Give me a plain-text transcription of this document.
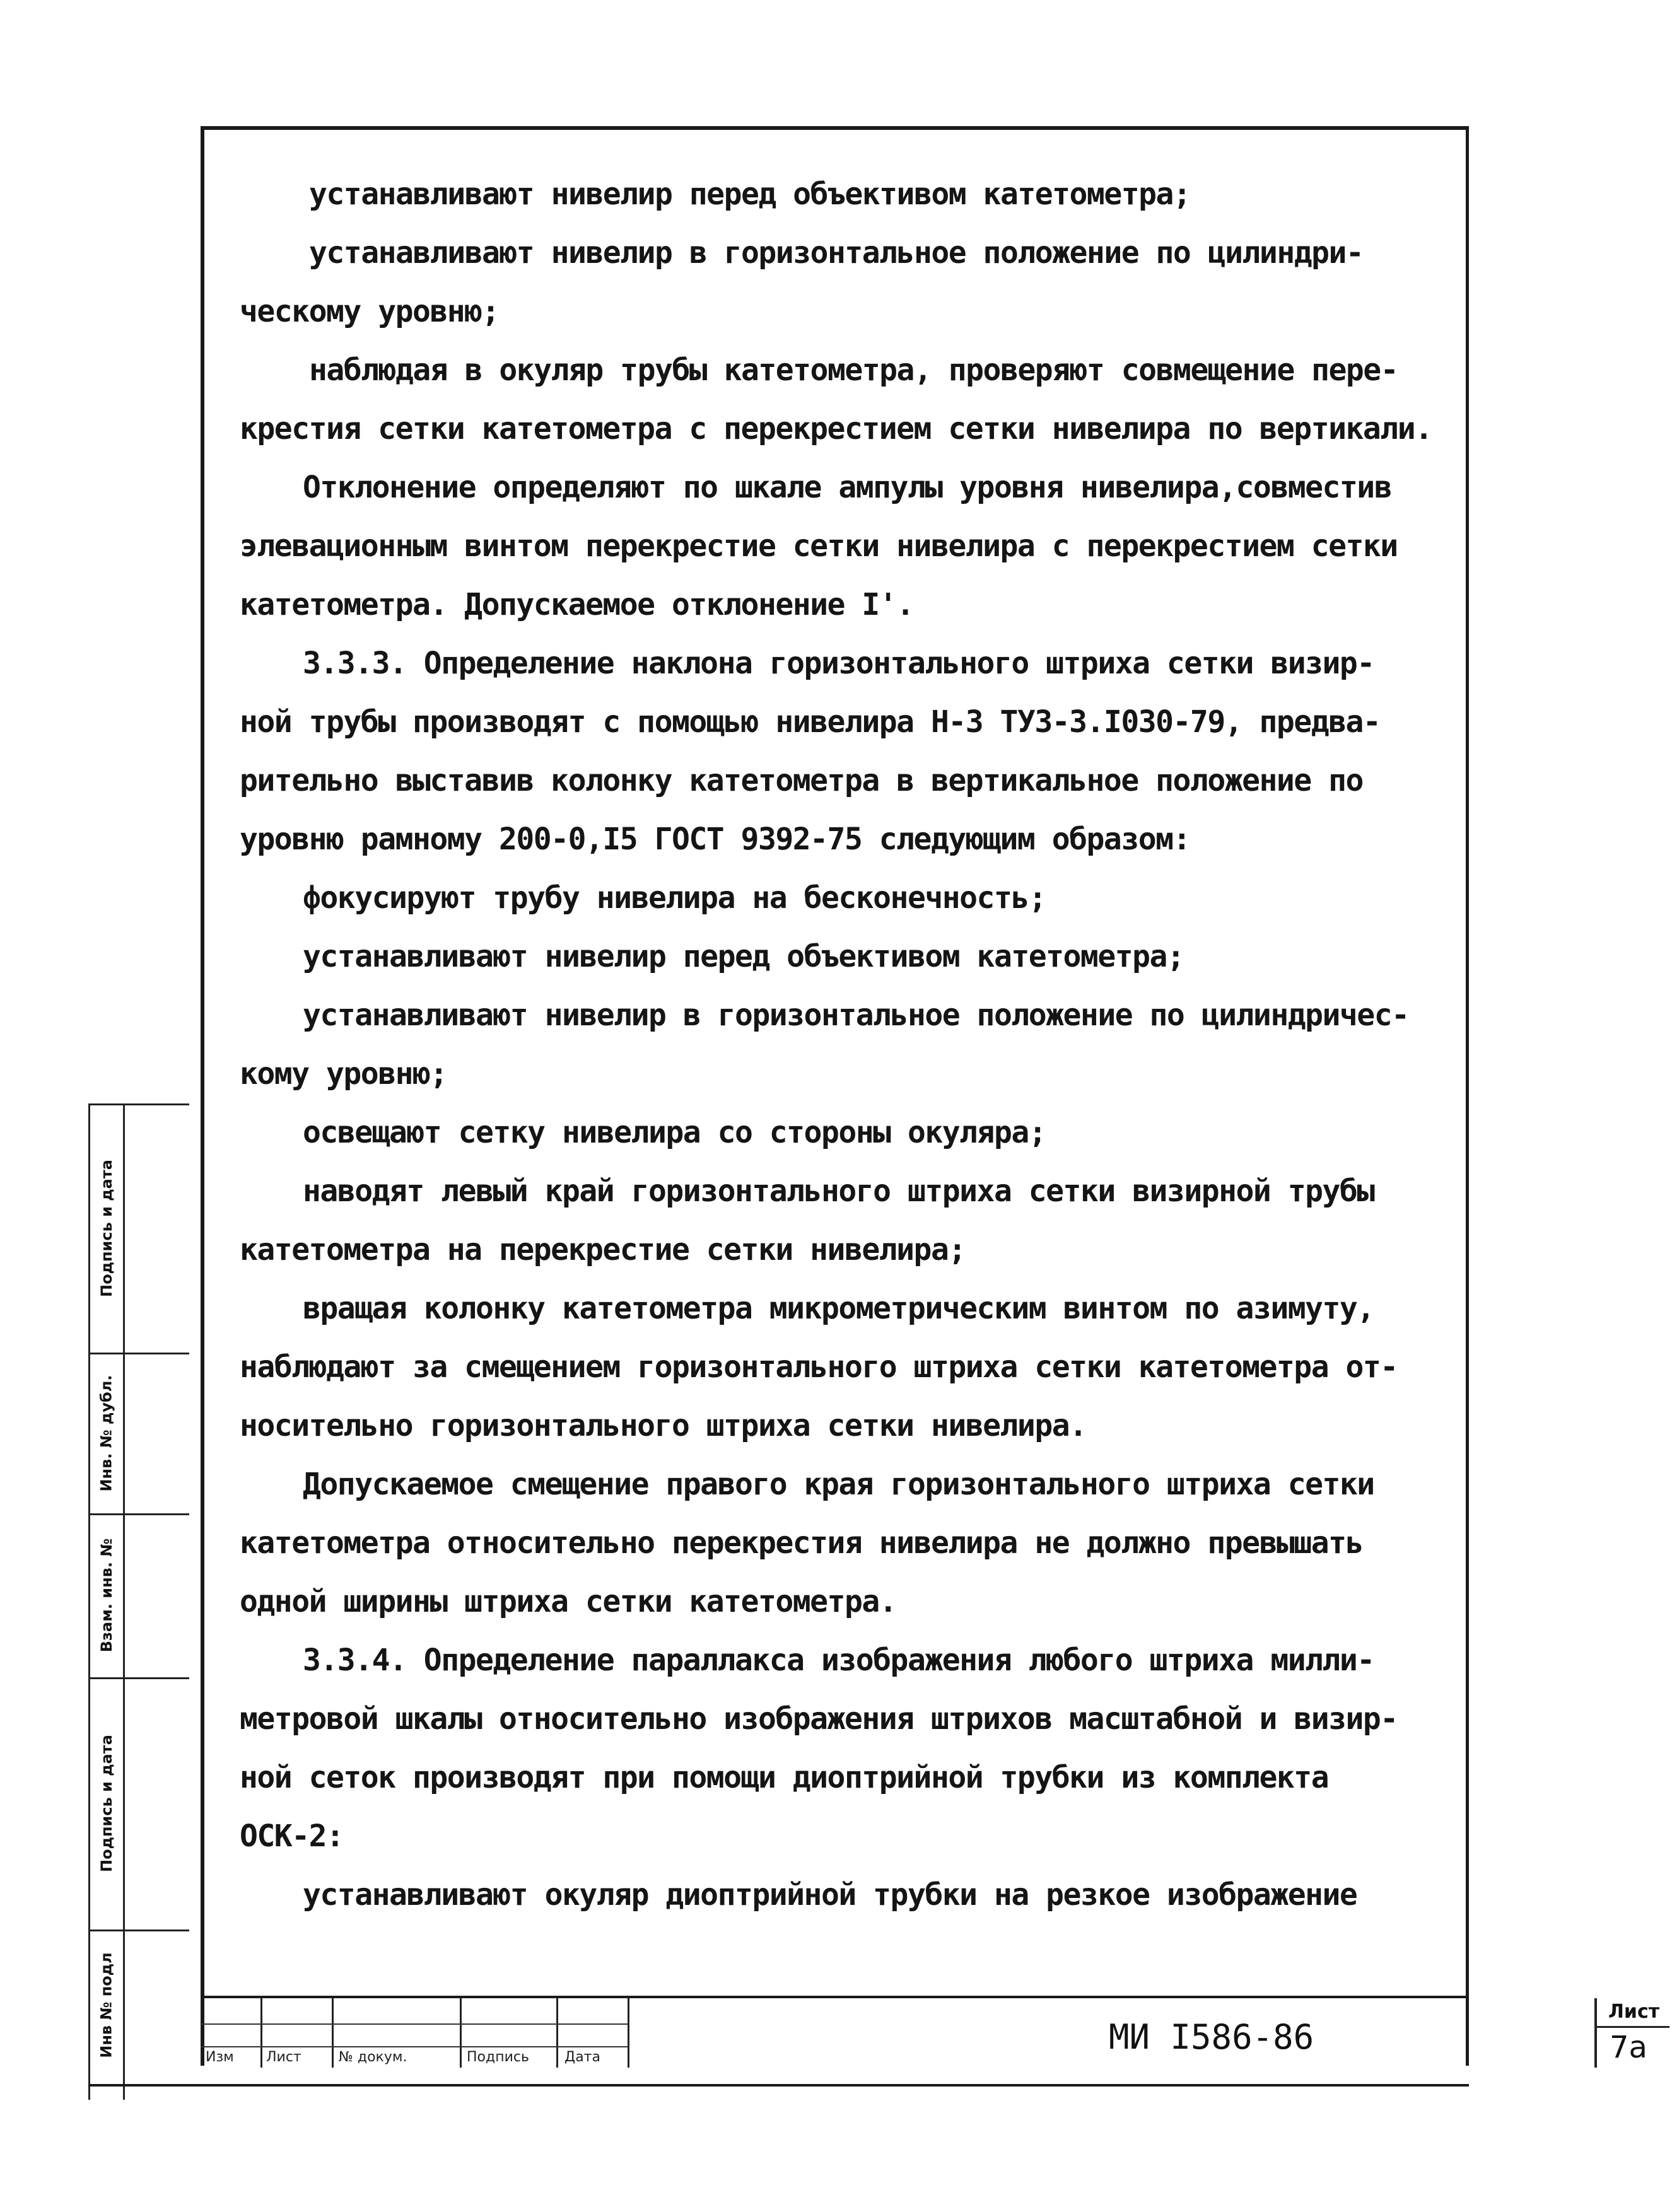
устанавливают нивелир перед объективом катетометра;

устанавливают нивелир в горизонтальное положение по цилиндри-

ческому уровню;

наблюдая в окуляр трубы катетометра, проверяют совмещение пере-

крестия сетки катетометра с перекрестием сетки нивелира по вертикали.

Отклонение определяют по шкале ампулы уровня нивелира,совместив

элевационным винтом перекрестие сетки нивелира с перекрестием сетки

катетометра. Допускаемое отклонение I'.

3.3.3. Определение наклона горизонтального штриха сетки визир-

ной трубы производят с помощью нивелира Н-3 ТУ3-3.I030-79, предва-

рительно выставив колонку катетометра в вертикальное положение по

уровню рамному 200-0,I5 ГОСТ 9392-75 следующим образом:

фокусируют трубу нивелира на бесконечность;

устанавливают нивелир перед объективом катетометра;

устанавливают нивелир в горизонтальное положение по цилиндричес-

кому уровню;

освещают сетку нивелира со стороны окуляра;

наводят левый край горизонтального штриха сетки визирной трубы

катетометра на перекрестие сетки нивелира;

вращая колонку катетометра микрометрическим винтом по азимуту,

наблюдают за смещением горизонтального штриха сетки катетометра от-

носительно горизонтального штриха сетки нивелира.

Допускаемое смещение правого края горизонтального штриха сетки

катетометра относительно перекрестия нивелира не должно превышать

одной ширины штриха сетки катетометра.

3.3.4. Определение параллакса изображения любого штриха милли-

метровой шкалы относительно изображения штрихов масштабной и визир-

ной сеток производят при помощи диоптрийной трубки из комплекта

ОСК-2:

устанавливают окуляр диоптрийной трубки на резкое изображение

Подпись и дата
Инв. № дубл.
Взам. инв. №
Подпись и дата
Инв № подл	Изм Лист	№ докум.	Подпись	Дата
МИ I586-86
Лист
7а
